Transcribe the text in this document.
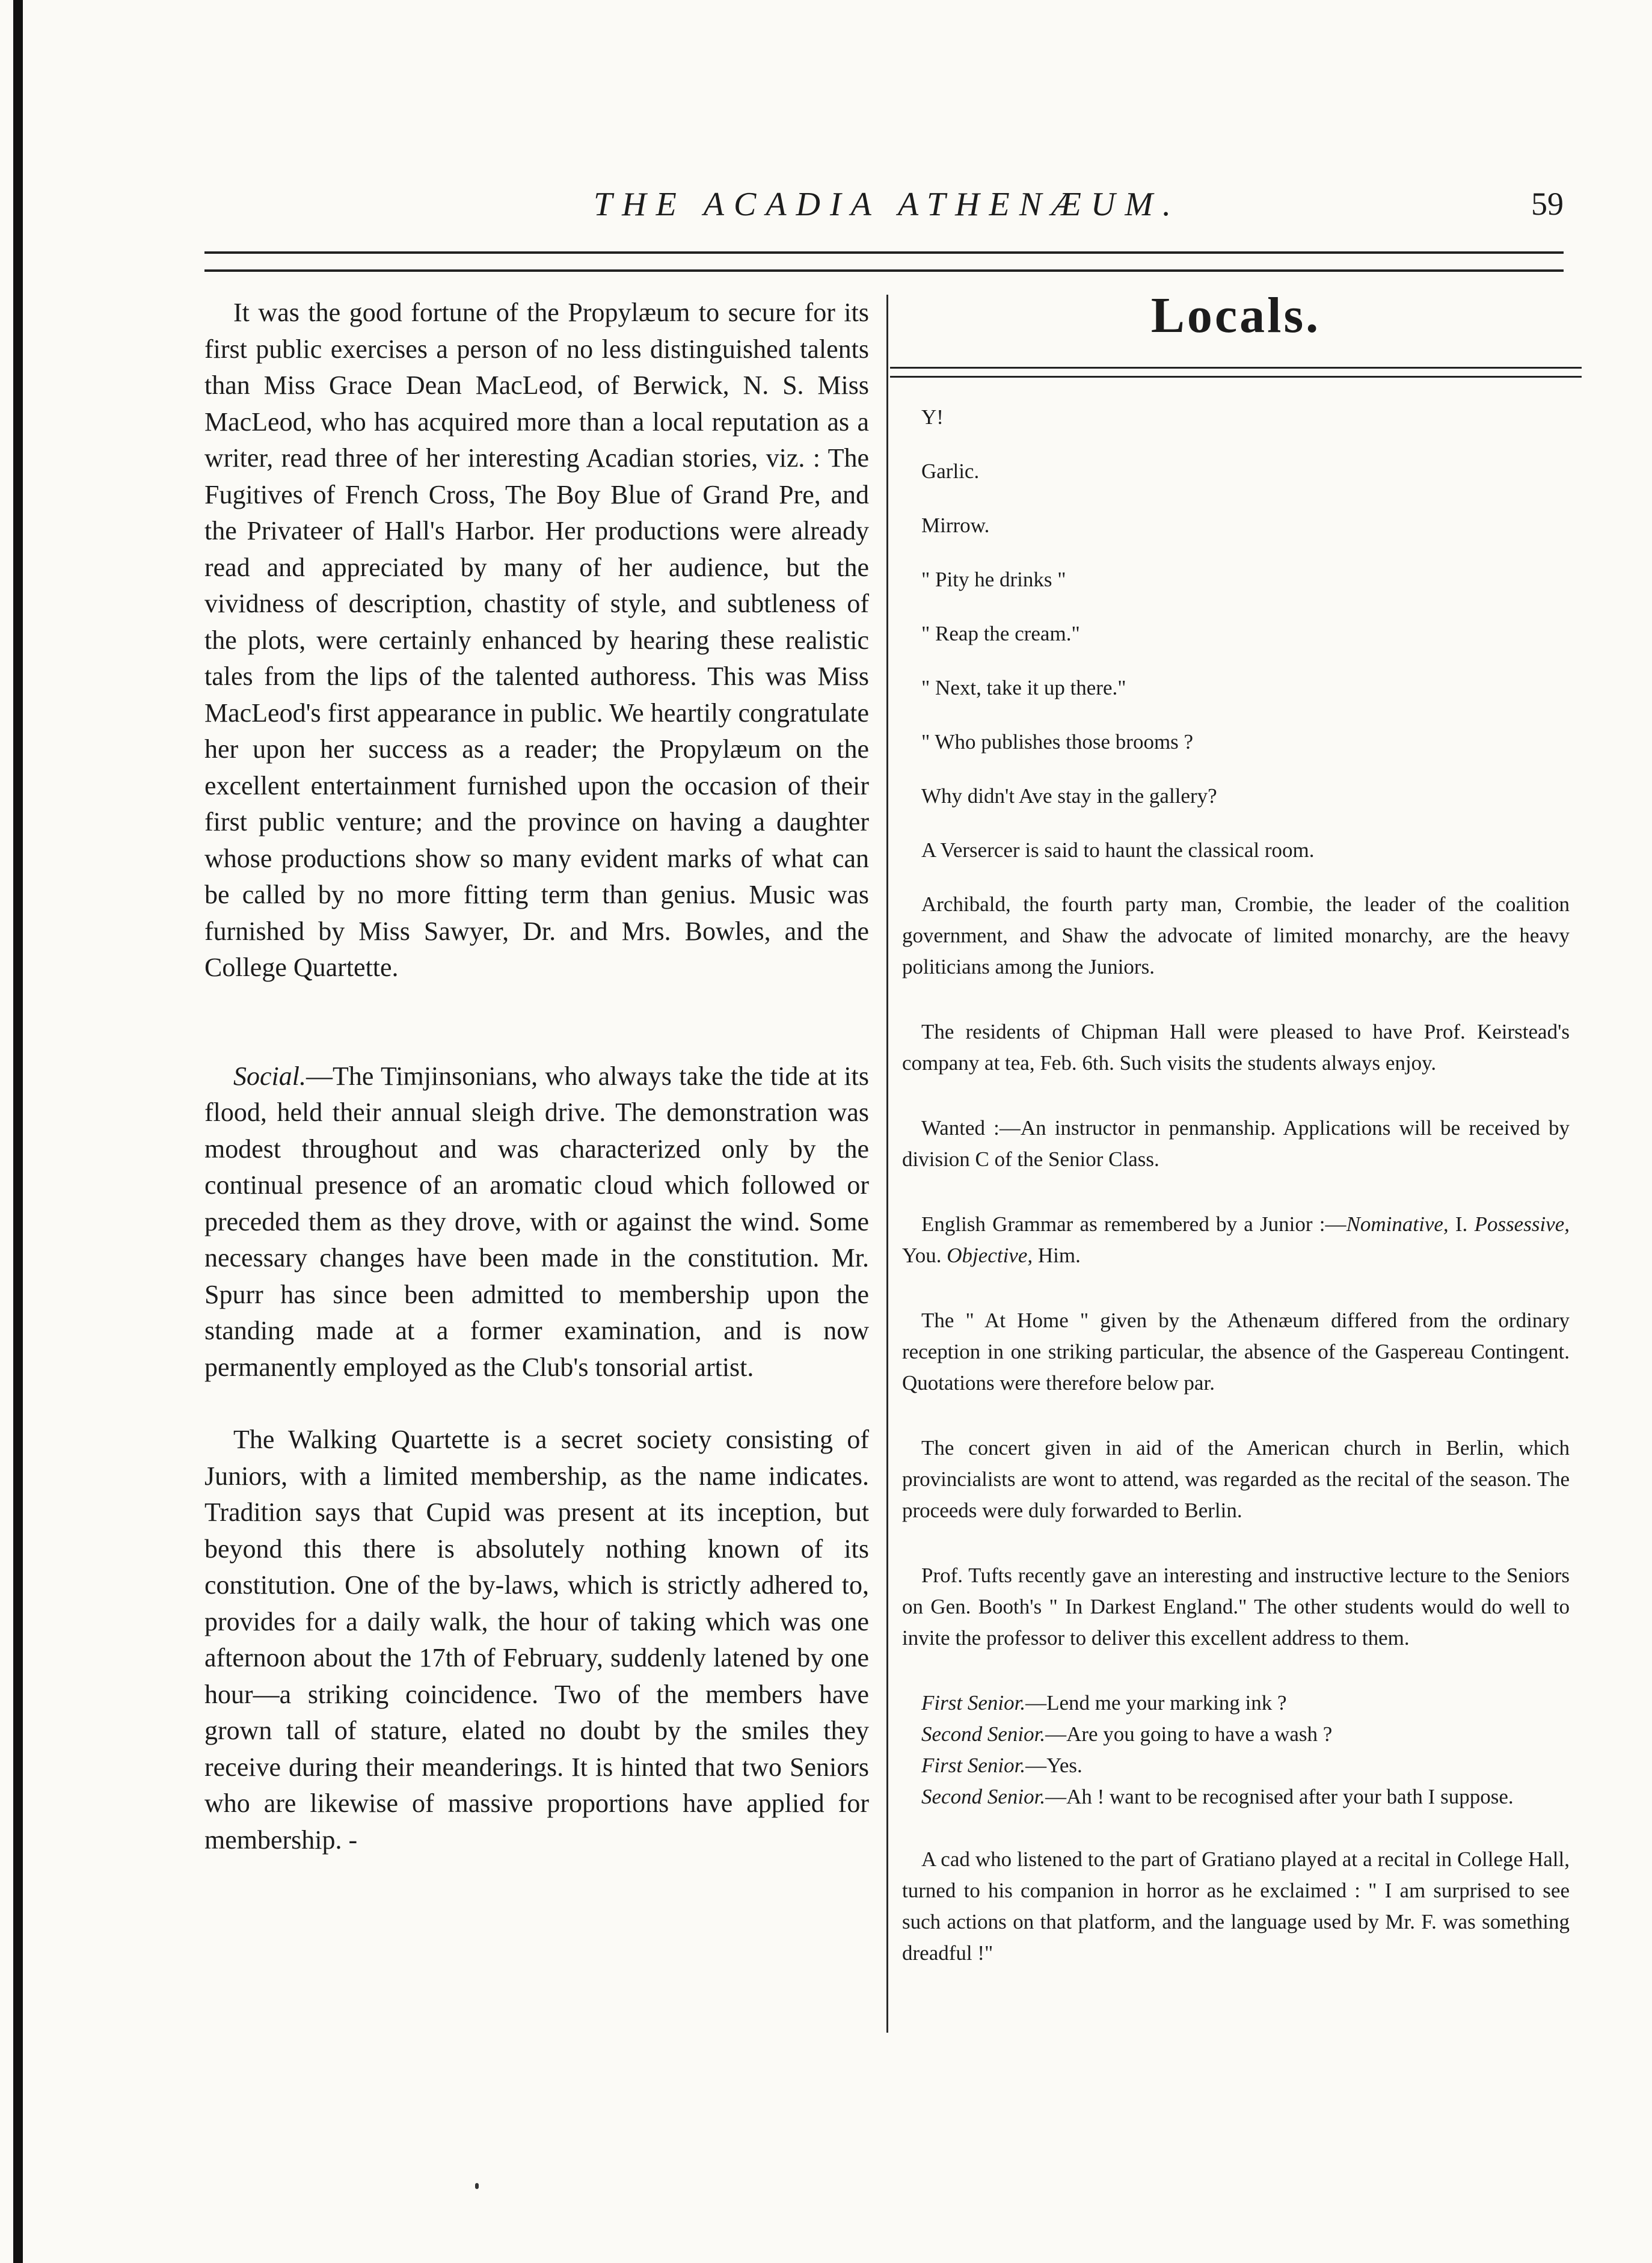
THE ACADIA ATHENÆUM.	59

It was the good fortune of the Propylæum to secure for its first public exercises a person of no less distinguished talents than Miss Grace Dean MacLeod, of Berwick, N. S. Miss MacLeod, who has acquired more than a local reputation as a writer, read three of her interesting Acadian stories, viz. : The Fugitives of French Cross, The Boy Blue of Grand Pre, and the Privateer of Hall's Harbor. Her productions were already read and appreciated by many of her audience, but the vividness of description, chastity of style, and subtleness of the plots, were certainly enhanced by hearing these realistic tales from the lips of the talented authoress. This was Miss MacLeod's first appearance in public. We heartily congratulate her upon her success as a reader; the Propylæum on the excellent entertainment furnished upon the occasion of their first public venture; and the province on having a daughter whose productions show so many evident marks of what can be called by no more fitting term than genius. Music was furnished by Miss Sawyer, Dr. and Mrs. Bowles, and the College Quartette.

Social.—The Timjinsonians, who always take the tide at its flood, held their annual sleigh drive. The demonstration was modest throughout and was characterized only by the continual presence of an aromatic cloud which followed or preceded them as they drove, with or against the wind. Some necessary changes have been made in the constitution. Mr. Spurr has since been admitted to membership upon the standing made at a former examination, and is now permanently employed as the Club's tonsorial artist.

The Walking Quartette is a secret society consisting of Juniors, with a limited membership, as the name indicates. Tradition says that Cupid was present at its inception, but beyond this there is absolutely nothing known of its constitution. One of the by-laws, which is strictly adhered to, provides for a daily walk, the hour of taking which was one afternoon about the 17th of February, suddenly latened by one hour—a striking coincidence. Two of the members have grown tall of stature, elated no doubt by the smiles they receive during their meanderings. It is hinted that two Seniors who are likewise of massive proportions have applied for membership. -

Locals.

Y!

Garlic.

Mirrow.

" Pity he drinks "

" Reap the cream."

" Next, take it up there."

" Who publishes those brooms ?

Why didn't Ave stay in the gallery?

A Versercer is said to haunt the classical room.

Archibald, the fourth party man, Crombie, the leader of the coalition government, and Shaw the advocate of limited monarchy, are the heavy politicians among the Juniors.

The residents of Chipman Hall were pleased to have Prof. Keirstead's company at tea, Feb. 6th. Such visits the students always enjoy.

Wanted :—An instructor in penmanship. Applications will be received by division C of the Senior Class.

English Grammar as remembered by a Junior :—Nominative, I. Possessive, You. Objective, Him.

The " At Home " given by the Athenæum differed from the ordinary reception in one striking particular, the absence of the Gaspereau Contingent. Quotations were therefore below par.

The concert given in aid of the American church in Berlin, which provincialists are wont to attend, was regarded as the recital of the season. The proceeds were duly forwarded to Berlin.

Prof. Tufts recently gave an interesting and instructive lecture to the Seniors on Gen. Booth's " In Darkest England." The other students would do well to invite the professor to deliver this excellent address to them.

First Senior.—Lend me your marking ink ?

Second Senior.—Are you going to have a wash ?

First Senior.—Yes.

Second Senior.—Ah ! want to be recognised after your bath I suppose.

A cad who listened to the part of Gratiano played at a recital in College Hall, turned to his companion in horror as he exclaimed : " I am surprised to see such actions on that platform, and the language used by Mr. F. was something dreadful !"
